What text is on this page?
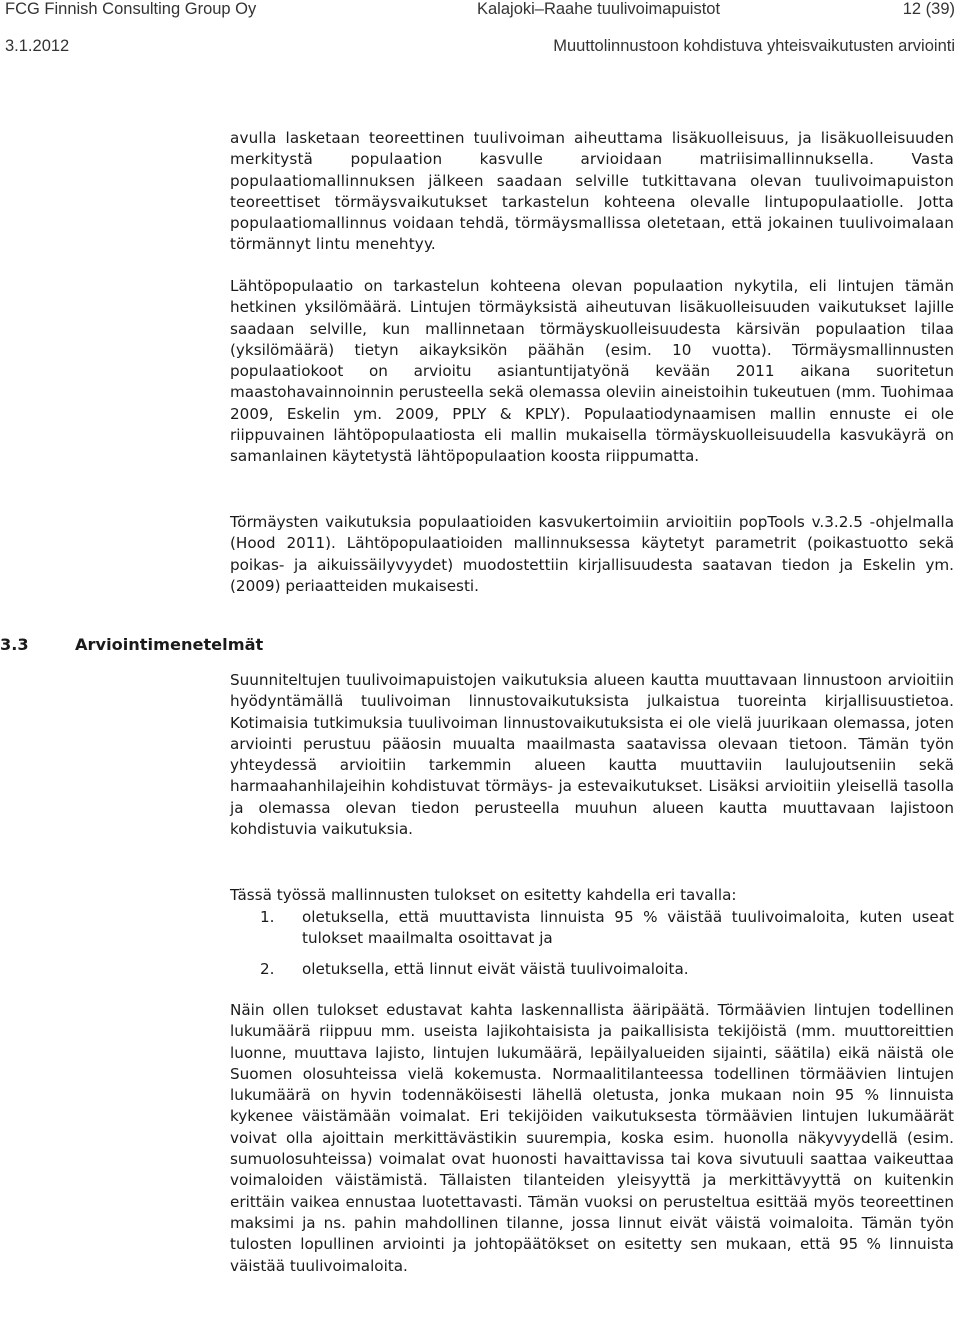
FCG Finnish Consulting Group Oy	Kalajoki–Raahe tuulivoimapuistot	12 (39)
3.1.2012	Muuttolinnustoon kohdistuva yhteisvaikutusten arviointi

avulla lasketaan teoreettinen tuulivoiman aiheuttama lisäkuolleisuus, ja lisäkuolleisuuden merkitystä populaation kasvulle arvioidaan matriisimallinnuksella. Vasta populaatiomallinnuksen jälkeen saadaan selville tutkittavana olevan tuulivoimapuiston teoreettiset törmäysvaikutukset tarkastelun kohteena olevalle lintupopulaatiolle. Jotta populaatiomallinnus voidaan tehdä, törmäysmallissa oletetaan, että jokainen tuulivoimalaan törmännyt lintu menehtyy.

Lähtöpopulaatio on tarkastelun kohteena olevan populaation nykytila, eli lintujen tämän hetkinen yksilömäärä. Lintujen törmäyksistä aiheutuvan lisäkuolleisuuden vaikutukset lajille saadaan selville, kun mallinnetaan törmäyskuolleisuudesta kärsivän populaation tilaa (yksilömäärä) tietyn aikayksikön päähän (esim. 10 vuotta). Törmäysmallinnusten populaatiokoot on arvioitu asiantuntijatyönä kevään 2011 aikana suoritetun maastohavainnoinnin perusteella sekä olemassa oleviin aineistoihin tukeutuen (mm. Tuohimaa 2009, Eskelin ym. 2009, PPLY & KPLY). Populaatiodynaamisen mallin ennuste ei ole riippuvainen lähtöpopulaatiosta eli mallin mukaisella törmäyskuolleisuudella kasvukäyrä on samanlainen käytetystä lähtöpopulaation koosta riippumatta.

Törmäysten vaikutuksia populaatioiden kasvukertoimiin arvioitiin popTools v.3.2.5 -ohjelmalla (Hood 2011). Lähtöpopulaatioiden mallinnuksessa käytetyt parametrit (poikastuotto sekä poikas- ja aikuissäilyvyydet) muodostettiin kirjallisuudesta saatavan tiedon ja Eskelin ym. (2009) periaatteiden mukaisesti.

3.3	Arviointimenetelmät

Suunniteltujen tuulivoimapuistojen vaikutuksia alueen kautta muuttavaan linnustoon arvioitiin hyödyntämällä tuulivoiman linnustovaikutuksista julkaistua tuoreinta kirjallisuustietoa. Kotimaisia tutkimuksia tuulivoiman linnustovaikutuksista ei ole vielä juurikaan olemassa, joten arviointi perustuu pääosin muualta maailmasta saatavissa olevaan tietoon. Tämän työn yhteydessä arvioitiin tarkemmin alueen kautta muuttaviin laulujoutseniin sekä harmaahanhilajeihin kohdistuvat törmäys- ja estevaikutukset. Lisäksi arvioitiin yleisellä tasolla ja olemassa olevan tiedon perusteella muuhun alueen kautta muuttavaan lajistoon kohdistuvia vaikutuksia.

Tässä työssä mallinnusten tulokset on esitetty kahdella eri tavalla:

1. oletuksella, että muuttavista linnuista 95 % väistää tuulivoimaloita, kuten useat tulokset maailmalta osoittavat ja
2. oletuksella, että linnut eivät väistä tuulivoimaloita.

Näin ollen tulokset edustavat kahta laskennallista ääripäätä. Törmäävien lintujen todellinen lukumäärä riippuu mm. useista lajikohtaisista ja paikallisista tekijöistä (mm. muuttoreittien luonne, muuttava lajisto, lintujen lukumäärä, lepäilyalueiden sijainti, säätila) eikä näistä ole Suomen olosuhteissa vielä kokemusta. Normaalitilanteessa todellinen törmäävien lintujen lukumäärä on hyvin todennäköisesti lähellä oletusta, jonka mukaan noin 95 % linnuista kykenee väistämään voimalat. Eri tekijöiden vaikutuksesta törmäävien lintujen lukumäärät voivat olla ajoittain merkittävästikin suurempia, koska esim. huonolla näkyvyydellä (esim. sumuolosuhteissa) voimalat ovat huonosti havaittavissa tai kova sivutuuli saattaa vaikeuttaa voimaloiden väistämistä. Tällaisten tilanteiden yleisyyttä ja merkittävyyttä on kuitenkin erittäin vaikea ennustaa luotettavasti. Tämän vuoksi on perusteltua esittää myös teoreettinen maksimi ja ns. pahin mahdollinen tilanne, jossa linnut eivät väistä voimaloita. Tämän työn tulosten lopullinen arviointi ja johtopäätökset on esitetty sen mukaan, että 95 % linnuista väistää tuulivoimaloita.
